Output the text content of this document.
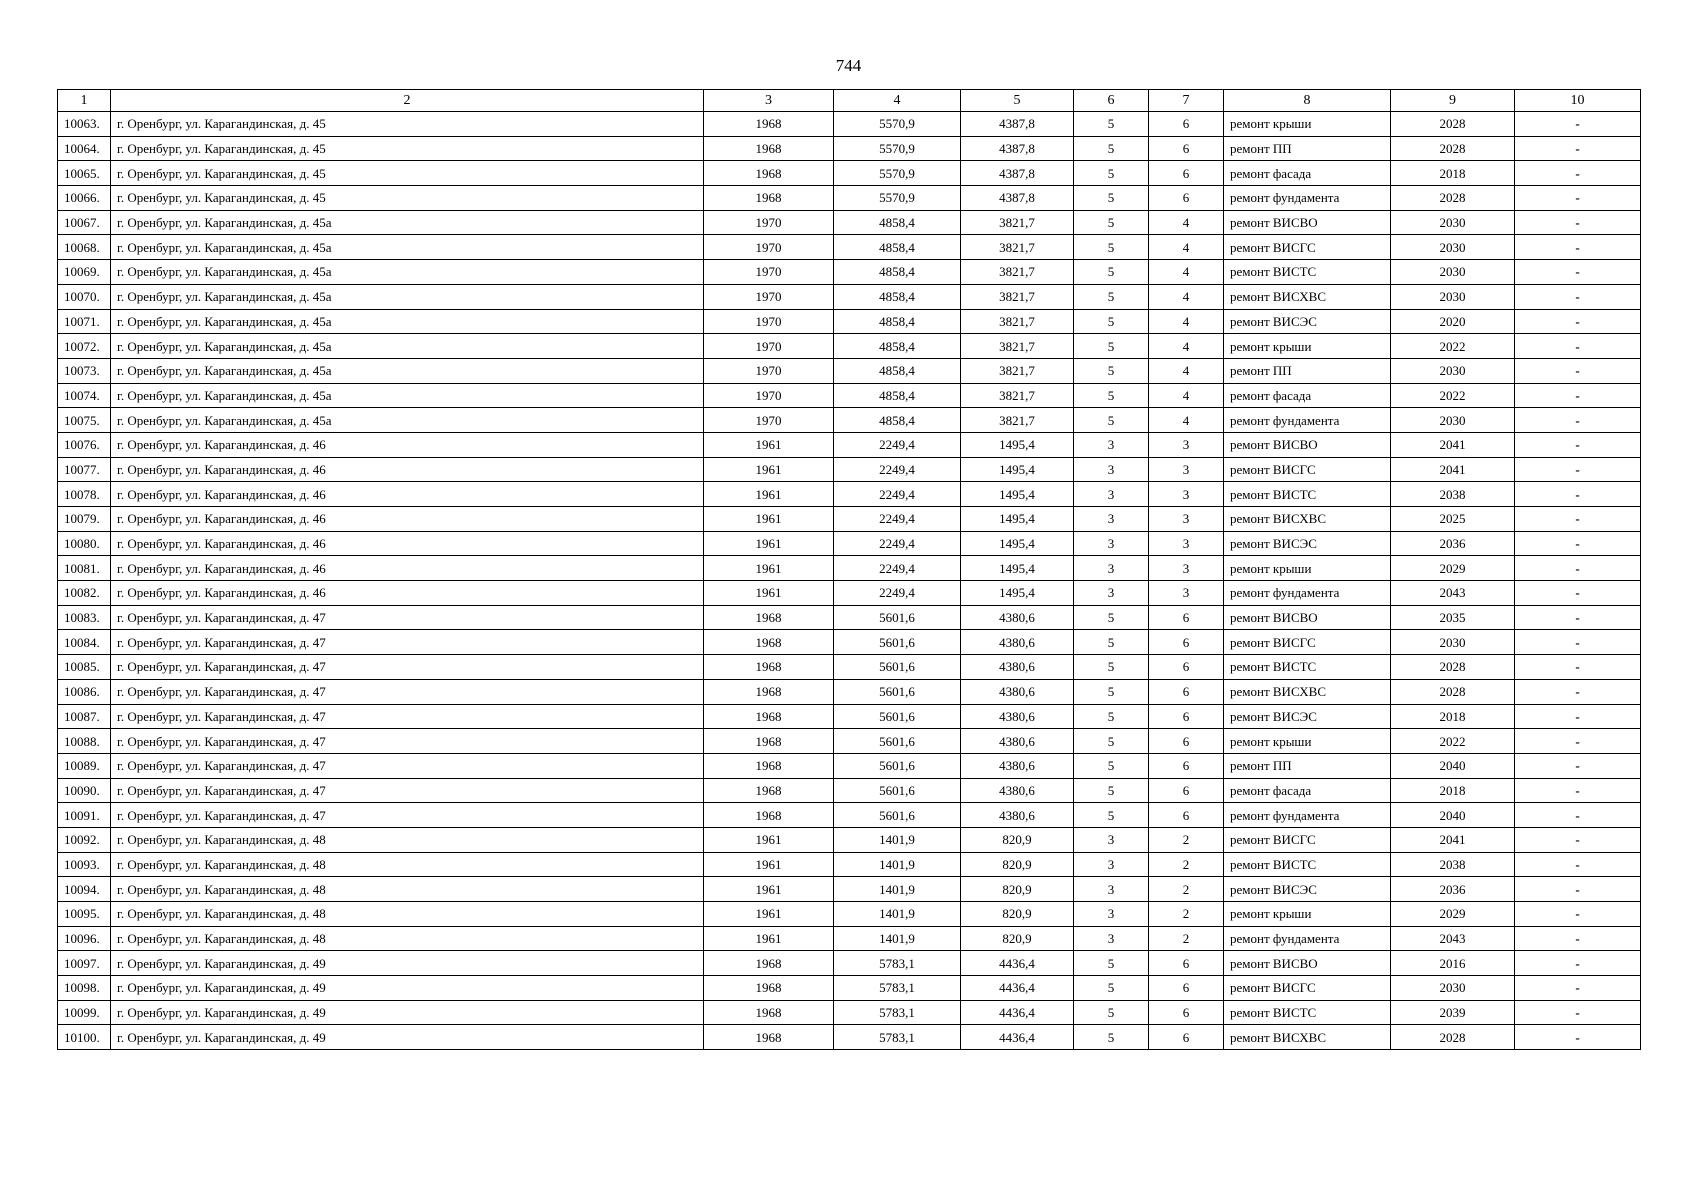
744
1	2	3	4	5	6	7	8	9	10
10063.	г. Оренбург, ул. Карагандинская, д. 45	1968	5570,9	4387,8	5	6	ремонт крыши	2028	-
10064.	г. Оренбург, ул. Карагандинская, д. 45	1968	5570,9	4387,8	5	6	ремонт ПП	2028	-
10065.	г. Оренбург, ул. Карагандинская, д. 45	1968	5570,9	4387,8	5	6	ремонт фасада	2018	-
10066.	г. Оренбург, ул. Карагандинская, д. 45	1968	5570,9	4387,8	5	6	ремонт фундамента	2028	-
10067.	г. Оренбург, ул. Карагандинская, д. 45а	1970	4858,4	3821,7	5	4	ремонт ВИСВО	2030	-
10068.	г. Оренбург, ул. Карагандинская, д. 45а	1970	4858,4	3821,7	5	4	ремонт ВИСГС	2030	-
10069.	г. Оренбург, ул. Карагандинская, д. 45а	1970	4858,4	3821,7	5	4	ремонт ВИСТС	2030	-
10070.	г. Оренбург, ул. Карагандинская, д. 45а	1970	4858,4	3821,7	5	4	ремонт ВИСХВС	2030	-
10071.	г. Оренбург, ул. Карагандинская, д. 45а	1970	4858,4	3821,7	5	4	ремонт ВИСЭС	2020	-
10072.	г. Оренбург, ул. Карагандинская, д. 45а	1970	4858,4	3821,7	5	4	ремонт крыши	2022	-
10073.	г. Оренбург, ул. Карагандинская, д. 45а	1970	4858,4	3821,7	5	4	ремонт ПП	2030	-
10074.	г. Оренбург, ул. Карагандинская, д. 45а	1970	4858,4	3821,7	5	4	ремонт фасада	2022	-
10075.	г. Оренбург, ул. Карагандинская, д. 45а	1970	4858,4	3821,7	5	4	ремонт фундамента	2030	-
10076.	г. Оренбург, ул. Карагандинская, д. 46	1961	2249,4	1495,4	3	3	ремонт ВИСВО	2041	-
10077.	г. Оренбург, ул. Карагандинская, д. 46	1961	2249,4	1495,4	3	3	ремонт ВИСГС	2041	-
10078.	г. Оренбург, ул. Карагандинская, д. 46	1961	2249,4	1495,4	3	3	ремонт ВИСТС	2038	-
10079.	г. Оренбург, ул. Карагандинская, д. 46	1961	2249,4	1495,4	3	3	ремонт ВИСХВС	2025	-
10080.	г. Оренбург, ул. Карагандинская, д. 46	1961	2249,4	1495,4	3	3	ремонт ВИСЭС	2036	-
10081.	г. Оренбург, ул. Карагандинская, д. 46	1961	2249,4	1495,4	3	3	ремонт крыши	2029	-
10082.	г. Оренбург, ул. Карагандинская, д. 46	1961	2249,4	1495,4	3	3	ремонт фундамента	2043	-
10083.	г. Оренбург, ул. Карагандинская, д. 47	1968	5601,6	4380,6	5	6	ремонт ВИСВО	2035	-
10084.	г. Оренбург, ул. Карагандинская, д. 47	1968	5601,6	4380,6	5	6	ремонт ВИСГС	2030	-
10085.	г. Оренбург, ул. Карагандинская, д. 47	1968	5601,6	4380,6	5	6	ремонт ВИСТС	2028	-
10086.	г. Оренбург, ул. Карагандинская, д. 47	1968	5601,6	4380,6	5	6	ремонт ВИСХВС	2028	-
10087.	г. Оренбург, ул. Карагандинская, д. 47	1968	5601,6	4380,6	5	6	ремонт ВИСЭС	2018	-
10088.	г. Оренбург, ул. Карагандинская, д. 47	1968	5601,6	4380,6	5	6	ремонт крыши	2022	-
10089.	г. Оренбург, ул. Карагандинская, д. 47	1968	5601,6	4380,6	5	6	ремонт ПП	2040	-
10090.	г. Оренбург, ул. Карагандинская, д. 47	1968	5601,6	4380,6	5	6	ремонт фасада	2018	-
10091.	г. Оренбург, ул. Карагандинская, д. 47	1968	5601,6	4380,6	5	6	ремонт фундамента	2040	-
10092.	г. Оренбург, ул. Карагандинская, д. 48	1961	1401,9	820,9	3	2	ремонт ВИСГС	2041	-
10093.	г. Оренбург, ул. Карагандинская, д. 48	1961	1401,9	820,9	3	2	ремонт ВИСТС	2038	-
10094.	г. Оренбург, ул. Карагандинская, д. 48	1961	1401,9	820,9	3	2	ремонт ВИСЭС	2036	-
10095.	г. Оренбург, ул. Карагандинская, д. 48	1961	1401,9	820,9	3	2	ремонт крыши	2029	-
10096.	г. Оренбург, ул. Карагандинская, д. 48	1961	1401,9	820,9	3	2	ремонт фундамента	2043	-
10097.	г. Оренбург, ул. Карагандинская, д. 49	1968	5783,1	4436,4	5	6	ремонт ВИСВО	2016	-
10098.	г. Оренбург, ул. Карагандинская, д. 49	1968	5783,1	4436,4	5	6	ремонт ВИСГС	2030	-
10099.	г. Оренбург, ул. Карагандинская, д. 49	1968	5783,1	4436,4	5	6	ремонт ВИСТС	2039	-
10100.	г. Оренбург, ул. Карагандинская, д. 49	1968	5783,1	4436,4	5	6	ремонт ВИСХВС	2028	-
